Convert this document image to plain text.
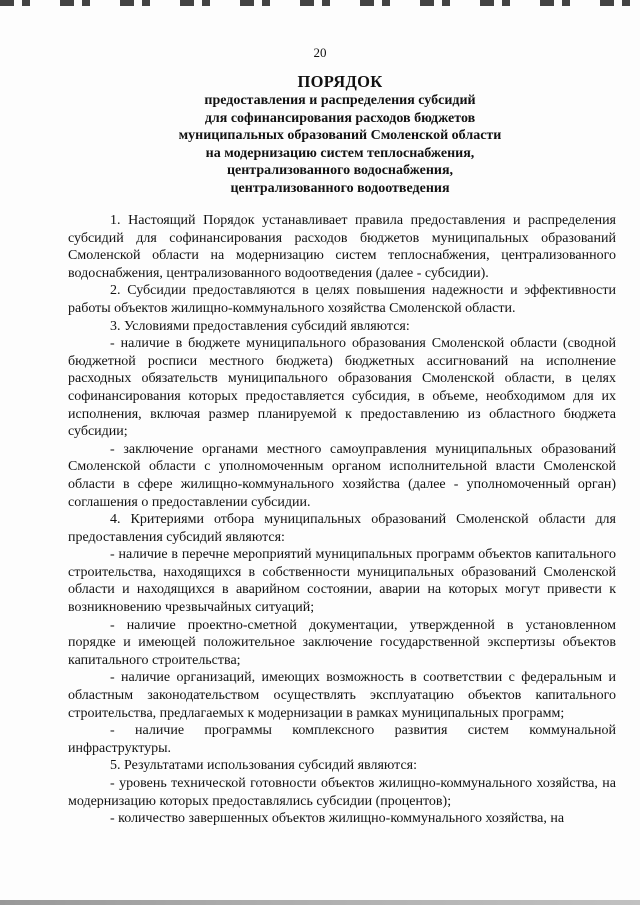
20
ПОРЯДОК
предоставления и распределения субсидий
для софинансирования расходов бюджетов
муниципальных образований Смоленской области
на модернизацию систем теплоснабжения,
централизованного водоснабжения,
централизованного водоотведения

1. Настоящий Порядок устанавливает правила предоставления и распределения субсидий для софинансирования расходов бюджетов муниципальных образований Смоленской области на модернизацию систем теплоснабжения, централизованного водоснабжения, централизованного водоотведения (далее - субсидии).

2. Субсидии предоставляются в целях повышения надежности и эффективности работы объектов жилищно-коммунального хозяйства Смоленской области.

3. Условиями предоставления субсидий являются:

- наличие в бюджете муниципального образования Смоленской области (сводной бюджетной росписи местного бюджета) бюджетных ассигнований на исполнение расходных обязательств муниципального образования Смоленской области, в целях софинансирования которых предоставляется субсидия, в объеме, необходимом для их исполнения, включая размер планируемой к предоставлению из областного бюджета субсидии;

- заключение органами местного самоуправления муниципальных образований Смоленской области с уполномоченным органом исполнительной власти Смоленской области в сфере жилищно-коммунального хозяйства (далее - уполномоченный орган) соглашения о предоставлении субсидии.

4. Критериями отбора муниципальных образований Смоленской области для предоставления субсидий являются:

- наличие в перечне мероприятий муниципальных программ объектов капитального строительства, находящихся в собственности муниципальных образований Смоленской области и находящихся в аварийном состоянии, аварии на которых могут привести к возникновению чрезвычайных ситуаций;

- наличие проектно-сметной документации, утвержденной в установленном порядке и имеющей положительное заключение государственной экспертизы объектов капитального строительства;

- наличие организаций, имеющих возможность в соответствии с федеральным и областным законодательством осуществлять эксплуатацию объектов капитального строительства, предлагаемых к модернизации в рамках муниципальных программ;

- наличие программы комплексного развития систем коммунальной инфраструктуры.

5. Результатами использования субсидий являются:

- уровень технической готовности объектов жилищно-коммунального хозяйства, на модернизацию которых предоставлялись субсидии (процентов);

- количество завершенных объектов жилищно-коммунального хозяйства, на
